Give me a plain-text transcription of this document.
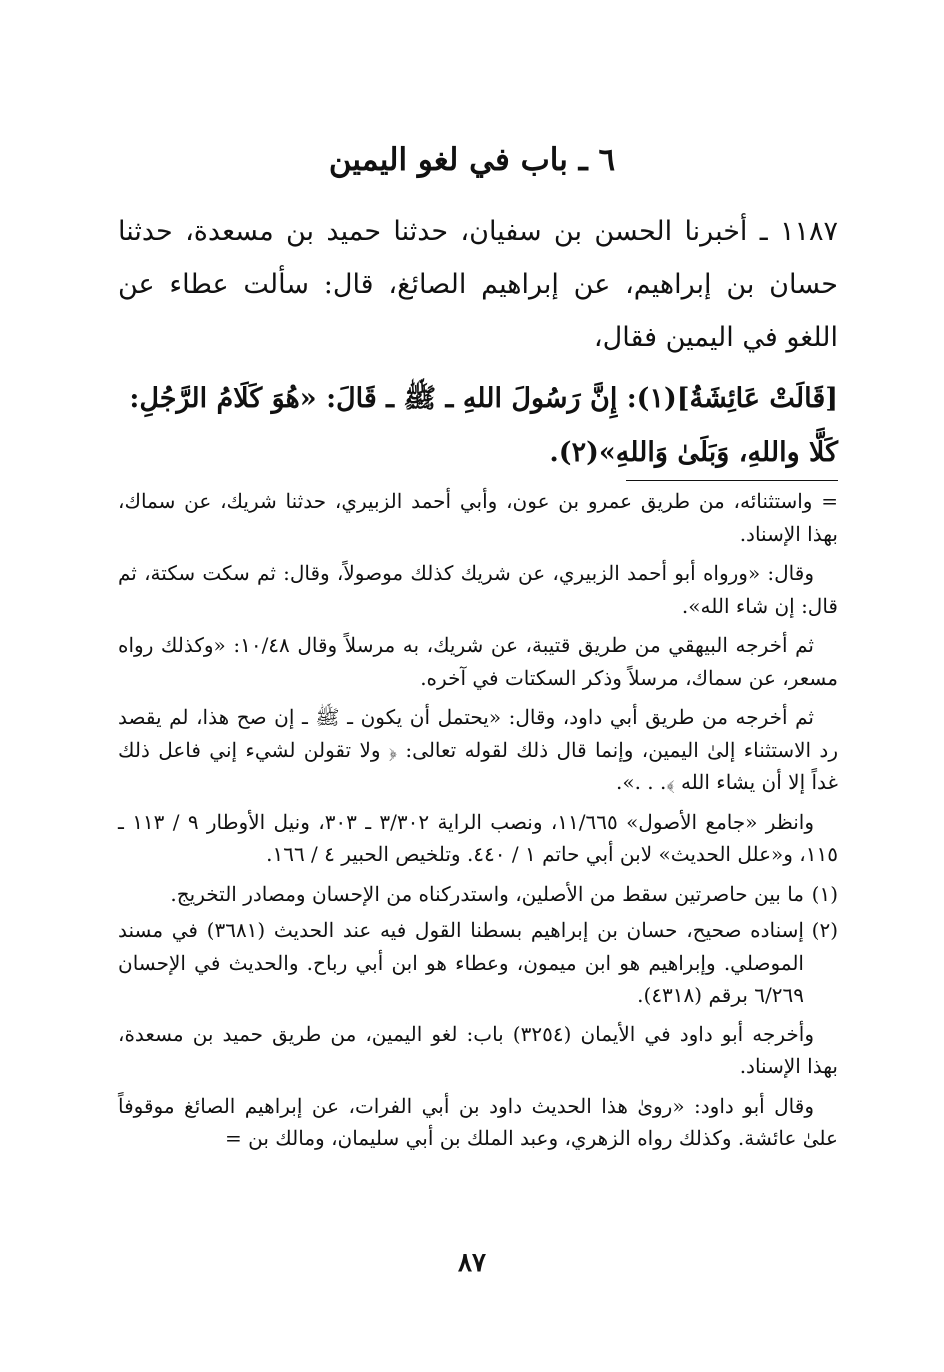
٦ ـ باب في لغو اليمين
١١٨٧ ـ أخبرنا الحسن بن سفيان، حدثنا حميد بن مسعدة، حدثنا حسان بن إبراهيم، عن إبراهيم الصائغ، قال: سألت عطاء عن اللغو في اليمين فقال،
[قَالَتْ عَائِشَةُ](١): إِنَّ رَسُولَ اللهِ ـ ﷺ ـ قَالَ: «هُوَ كَلَامُ الرَّجُلِ: كَلَّا واللهِ، وَبَلَىٰ وَاللهِ»(٢).

= واستثنائه، من طريق عمرو بن عون، وأبي أحمد الزبيري، حدثنا شريك، عن سماك، بهذا الإسناد.

وقال: «ورواه أبو أحمد الزبيري، عن شريك كذلك موصولاً، وقال: ثم سكت سكتة، ثم قال: إن شاء الله».

ثم أخرجه البيهقي من طريق قتيبة، عن شريك، به مرسلاً وقال ١٠/٤٨: «وكذلك رواه مسعر، عن سماك، مرسلاً وذكر السكتات في آخره.

ثم أخرجه من طريق أبي داود، وقال: «يحتمل أن يكون ـ ﷺ ـ إن صح هذا، لم يقصد رد الاستثناء إلىٰ اليمين، وإنما قال ذلك لقوله تعالى: ﴿ ولا تقولن لشيء إني فاعل ذلك غداً إلا أن يشاء الله ﴾. . .».

وانظر «جامع الأصول» ١١/٦٦٥، ونصب الراية ٣/٣٠٢ ـ ٣٠٣، ونيل الأوطار ٩ / ١١٣ ـ ١١٥، و«علل الحديث» لابن أبي حاتم ١ / ٤٤٠. وتلخيص الحبير ٤ / ١٦٦.

(١)
ما بين حاصرتين سقط من الأصلين، واستدركناه من الإحسان ومصادر التخريج.
(٢)
إسناده صحيح، حسان بن إبراهيم بسطنا القول فيه عند الحديث (٣٦٨١) في مسند الموصلي. وإبراهيم هو ابن ميمون، وعطاء هو ابن أبي رباح. والحديث في الإحسان ٦/٢٦٩ برقم (٤٣١٨).

وأخرجه أبو داود في الأيمان (٣٢٥٤) باب: لغو اليمين، من طريق حميد بن مسعدة، بهذا الإسناد.

وقال أبو داود: «روىٰ هذا الحديث داود بن أبي الفرات، عن إبراهيم الصائغ موقوفاً علىٰ عائشة. وكذلك رواه الزهري، وعبد الملك بن أبي سليمان، ومالك بن =

٨٧
